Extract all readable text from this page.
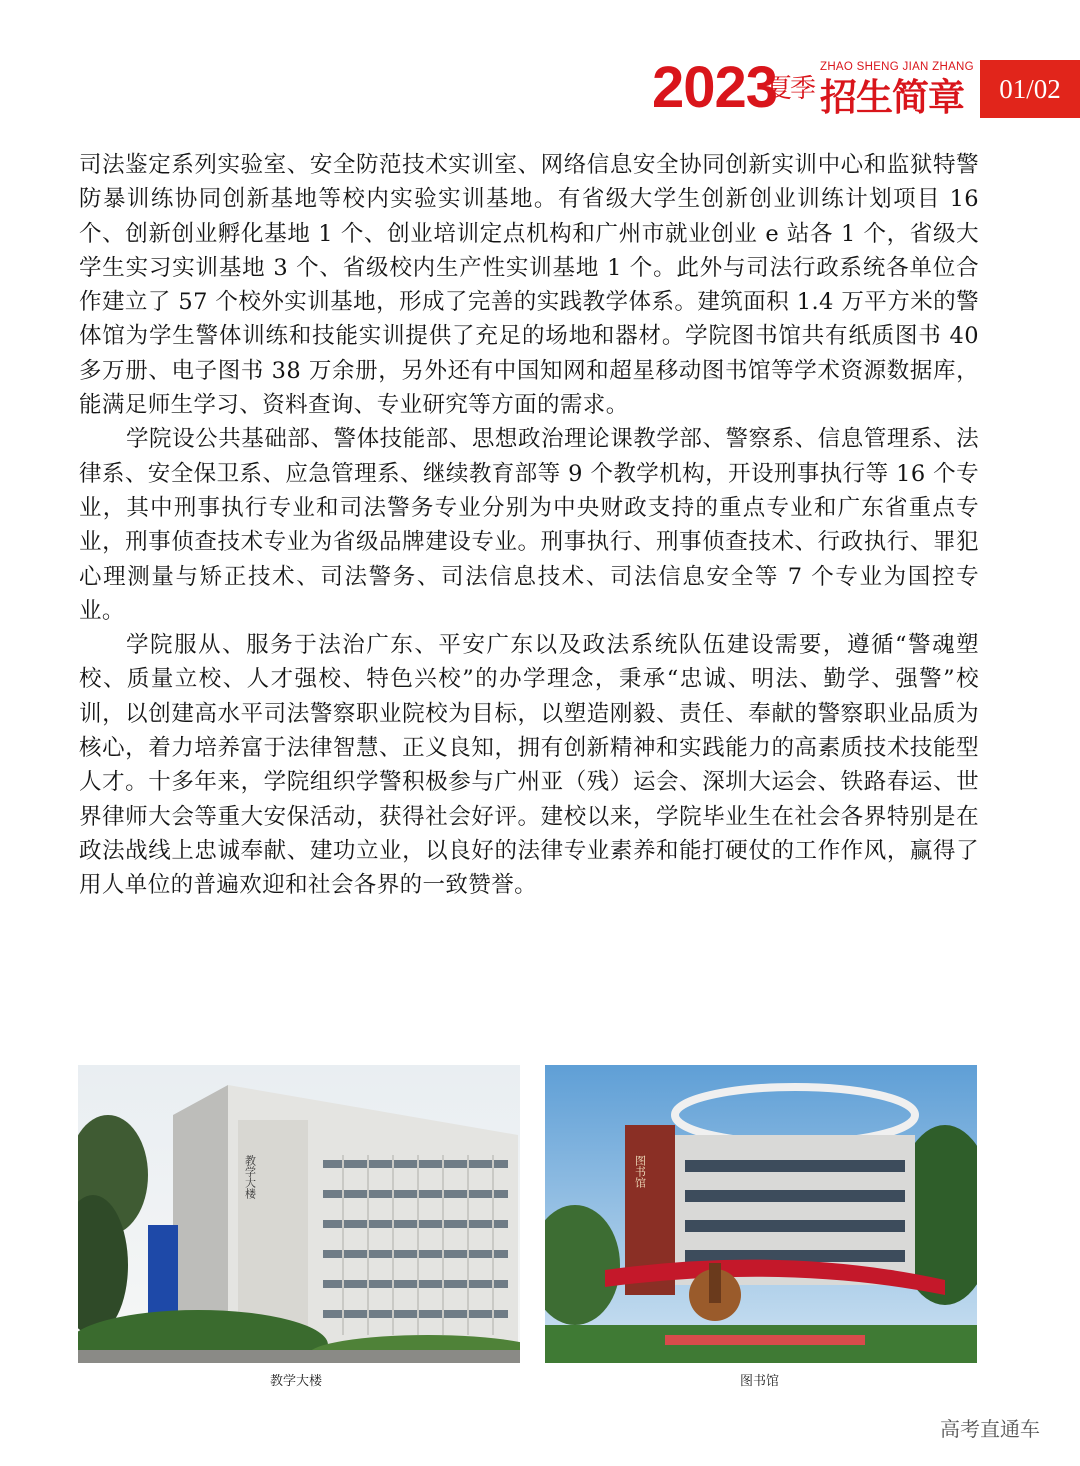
2023
夏季
ZHAO SHENG JIAN ZHANG
招生简章	01/02

司法鉴定系列实验室、安全防范技术实训室、网络信息安全协同创新实训中心和监狱特警防暴训练协同创新基地等校内实验实训基地。有省级大学生创新创业训练计划项目 16 个、创新创业孵化基地 1 个、创业培训定点机构和广州市就业创业 e 站各 1 个，省级大学生实习实训基地 3 个、省级校内生产性实训基地 1 个。此外与司法行政系统各单位合作建立了 57 个校外实训基地，形成了完善的实践教学体系。建筑面积 1.4 万平方米的警体馆为学生警体训练和技能实训提供了充足的场地和器材。学院图书馆共有纸质图书 40 多万册、电子图书 38 万余册，另外还有中国知网和超星移动图书馆等学术资源数据库，能满足师生学习、资料查询、专业研究等方面的需求。

学院设公共基础部、警体技能部、思想政治理论课教学部、警察系、信息管理系、法律系、安全保卫系、应急管理系、继续教育部等 9 个教学机构，开设刑事执行等 16 个专业，其中刑事执行专业和司法警务专业分别为中央财政支持的重点专业和广东省重点专业，刑事侦查技术专业为省级品牌建设专业。刑事执行、刑事侦查技术、行政执行、罪犯心理测量与矫正技术、司法警务、司法信息技术、司法信息安全等 7 个专业为国控专业。

学院服从、服务于法治广东、平安广东以及政法系统队伍建设需要，遵循“警魂塑校、质量立校、人才强校、特色兴校”的办学理念，秉承“忠诚、明法、勤学、强警”校训，以创建高水平司法警察职业院校为目标，以塑造刚毅、责任、奉献的警察职业品质为核心，着力培养富于法律智慧、正义良知，拥有创新精神和实践能力的高素质技术技能型人才。十多年来，学院组织学警积极参与广州亚（残）运会、深圳大运会、铁路春运、世界律师大会等重大安保活动，获得社会好评。建校以来，学院毕业生在社会各界特别是在政法战线上忠诚奉献、建功立业，以良好的法律专业素养和能打硬仗的工作作风，赢得了用人单位的普遍欢迎和社会各界的一致赞誉。

教学大楼
教学大楼
图书馆
图书馆
高考直通车
